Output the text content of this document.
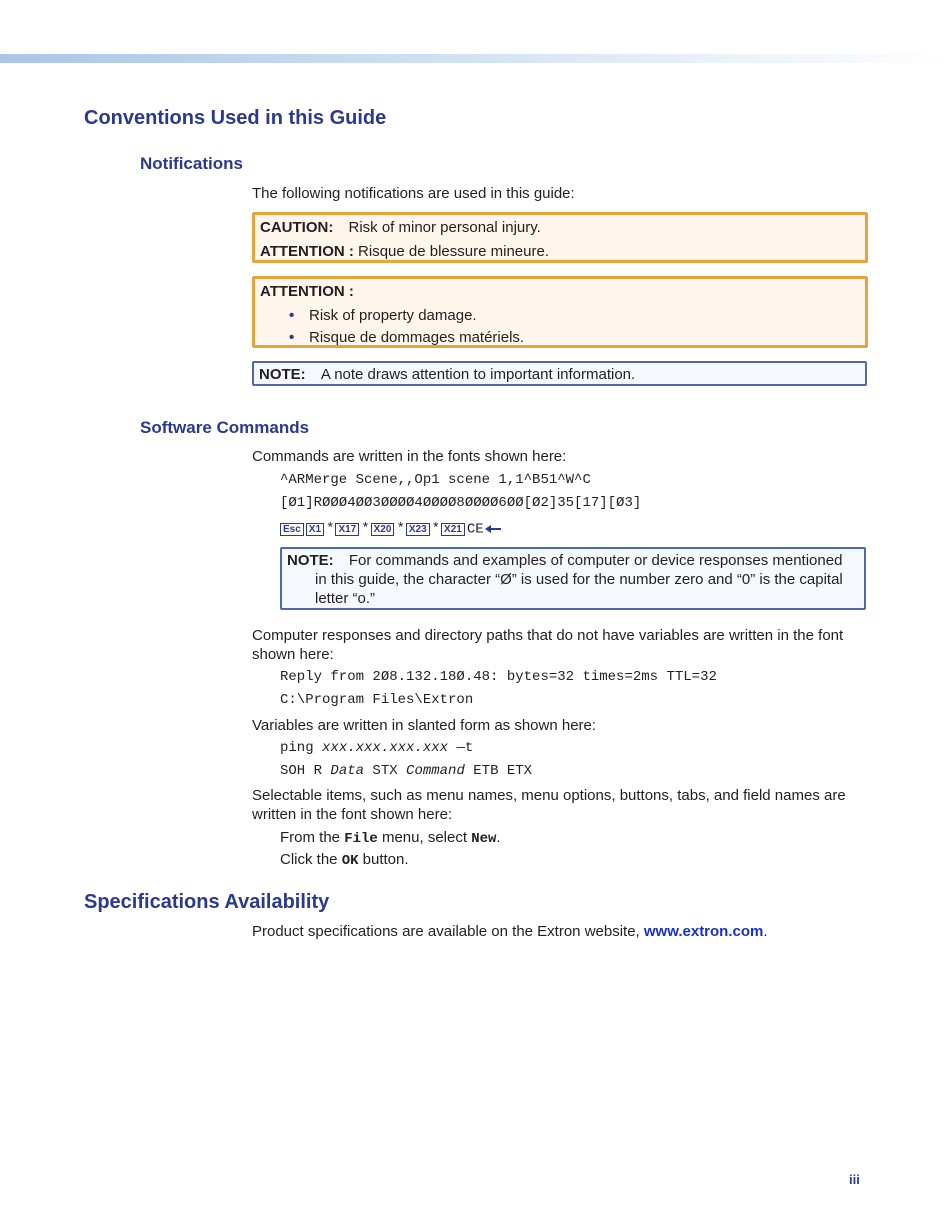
Conventions Used in this Guide
Notifications
The following notifications are used in this guide:
CAUTION: Risk of minor personal injury.
ATTENTION : Risque de blessure mineure.
ATTENTION :
• Risk of property damage.
• Risque de dommages matériels.
NOTE: A note draws attention to important information.
Software Commands
Commands are written in the fonts shown here:
^ARMerge Scene,,Op1 scene 1,1^B51^W^C
[Ø1]RØØØ4ØØ3ØØØØ4ØØØØ8ØØØØ6ØØ[Ø2]35[17][Ø3]
Esc X1 * X17 * X20 * X23 * X21 CE
NOTE: For commands and examples of computer or device responses mentioned
in this guide, the character “Ø” is used for the number zero and “0” is the capital
letter “o.”
Computer responses and directory paths that do not have variables are written in the font
shown here:
Reply from 2Ø8.132.18Ø.48: bytes=32 times=2ms TTL=32
C:\Program Files\Extron
Variables are written in slanted form as shown here:
ping xxx.xxx.xxx.xxx —t
SOH R Data STX Command ETB ETX
Selectable items, such as menu names, menu options, buttons, tabs, and field names are
written in the font shown here:
From the File menu, select New.
Click the OK button.
Specifications Availability
Product specifications are available on the Extron website, www.extron.com.
iii
